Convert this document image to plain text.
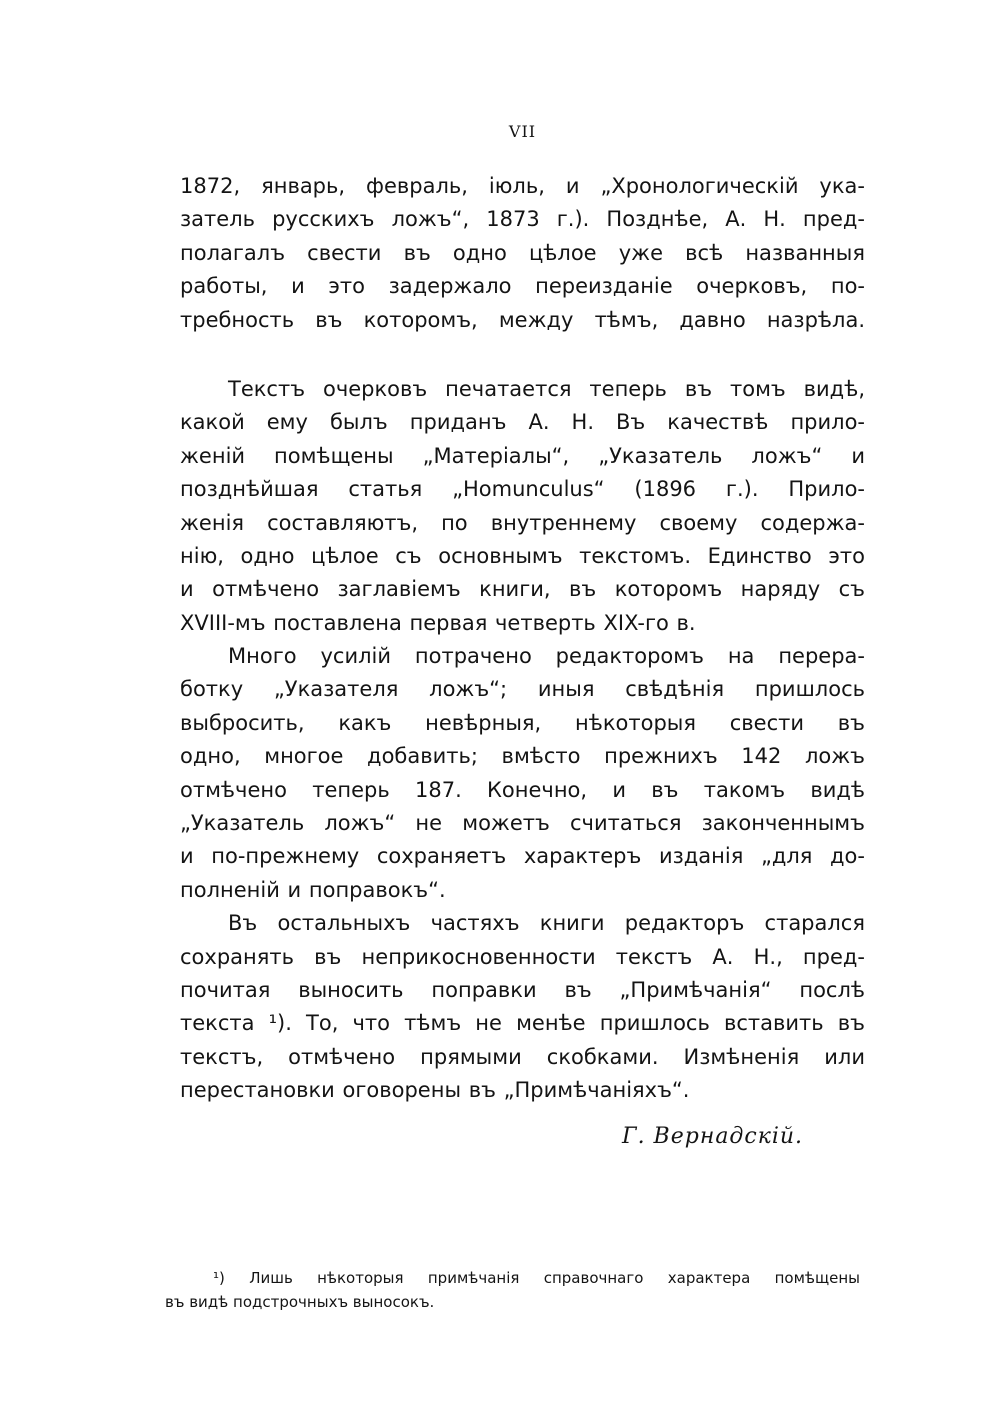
VII
1872, январь, февраль, iюль, и „Хронологическiй ука-
затель русскихъ ложъ“, 1873 г.). Позднѣе, А. Н. пред-
полагалъ свести въ одно цѣлое уже всѣ названныя
работы, и это задержало переизданiе очерковъ, по-
требность въ которомъ, между тѣмъ, давно назрѣла.
Текстъ очерковъ печатается теперь въ томъ видѣ,
какой ему былъ приданъ А. Н. Въ качествѣ прило-
женiй помѣщены „Матерiалы“, „Указатель ложъ“ и
позднѣйшая статья „Homunculus“ (1896 г.). Прило-
женiя составляютъ, по внутреннему своему содержа-
нiю, одно цѣлое съ основнымъ текстомъ. Единство это
и отмѣчено заглавiемъ книги, въ которомъ наряду съ
XVIII-мъ поставлена первая четверть XIX-го в.
Много усилiй потрачено редакторомъ на перера-
ботку „Указателя ложъ“; иныя свѣдѣнiя пришлось
выбросить, какъ невѣрныя, нѣкоторыя свести въ
одно, многое добавить; вмѣсто прежнихъ 142 ложъ
отмѣчено теперь 187. Конечно, и въ такомъ видѣ
„Указатель ложъ“ не можетъ считаться законченнымъ
и по-прежнему сохраняетъ характеръ изданiя „для до-
полненiй и поправокъ“.
Въ остальныхъ частяхъ книги редакторъ старался
сохранять въ неприкосновенности текстъ А. Н., пред-
почитая выносить поправки въ „Примѣчанiя“ послѣ
текста ¹). То, что тѣмъ не менѣе пришлось вставить въ
текстъ, отмѣчено прямыми скобками. Измѣненiя или
перестановки оговорены въ „Примѣчанiяхъ“.
Г. Вернадскiй.
¹) Лишь нѣкоторыя примѣчанiя справочнаго характера помѣщены
въ видѣ подстрочныхъ выносокъ.
